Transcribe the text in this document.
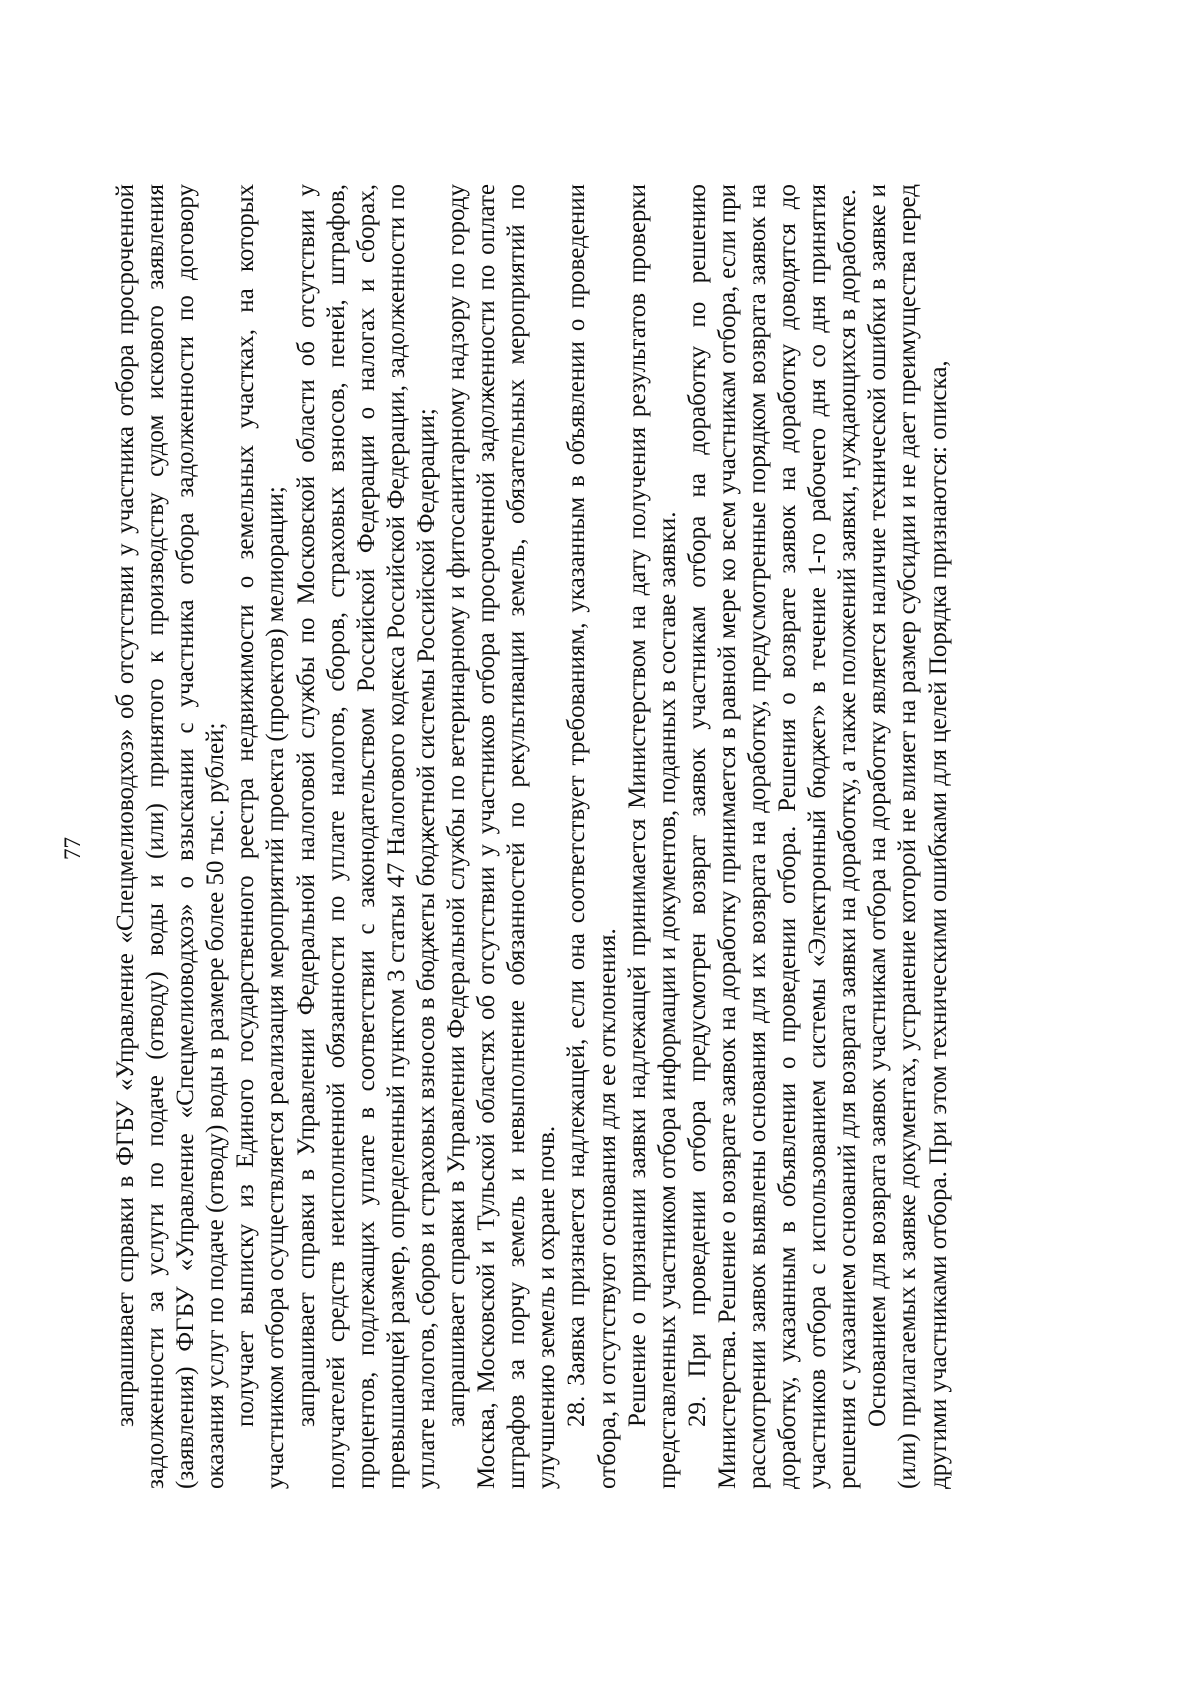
77 запрашивает справки в ФГБУ «Управление «Спецмелиоводхоз» об отсутствии у участника отбора просроченной задолженности за услуги по подаче (отводу) воды и (или) принятого к производству судом искового заявления (заявления) ФГБУ «Управление «Спецмелиоводхоз» о взыскании с участника отбора задолженности по договору оказания услуг по подаче (отводу) воды в размере более 50 тыс. рублей; получает выписку из Единого государственного реестра недвижимости о земельных участках, на которых участником отбора осуществляется реализация мероприятий проекта (проектов) мелиорации; запрашивает справки в Управлении Федеральной налоговой службы по Московской области об отсутствии у получателей средств неисполненной обязанности по уплате налогов, сборов, страховых взносов, пеней, штрафов, процентов, подлежащих уплате в соответствии с законодательством Российской Федерации о налогах и сборах, превышающей размер, определенный пунктом 3 статьи 47 Налогового кодекса Российской Федерации, задолженности по уплате налогов, сборов и страховых взносов в бюджеты бюджетной системы Российской Федерации; запрашивает справки в Управлении Федеральной службы по ветеринарному и фитосанитарному надзору по городу Москва, Московской и Тульской областях об отсутствии у участников отбора просроченной задолженности по оплате штрафов за порчу земель и невыполнение обязанностей по рекультивации земель, обязательных мероприятий по улучшению земель и охране почв. 28. Заявка признается надлежащей, если она соответствует требованиям, указанным в объявлении о проведении отбора, и отсутствуют основания для ее отклонения. Решение о признании заявки надлежащей принимается Министерством на дату получения результатов проверки представленных участником отбора информации и документов, поданных в составе заявки. 29. При проведении отбора предусмотрен возврат заявок участникам отбора на доработку по решению Министерства. Решение о возврате заявок на доработку принимается в равной мере ко всем участникам отбора, если при рассмотрении заявок выявлены основания для их возврата на доработку, предусмотренные порядком возврата заявок на доработку, указанным в объявлении о проведении отбора. Решения о возврате заявок на доработку доводятся до участников отбора с использованием системы «Электронный бюджет» в течение 1-го рабочего дня со дня принятия решения с указанием оснований для возврата заявки на доработку, а также положений заявки, нуждающихся в доработке. Основанием для возврата заявок участникам отбора на доработку является наличие технической ошибки в заявке и (или) прилагаемых к заявке документах, устранение которой не влияет на размер субсидии и не дает преимущества перед другими участниками отбора. При этом техническими ошибками для целей Порядка признаются: описка,
